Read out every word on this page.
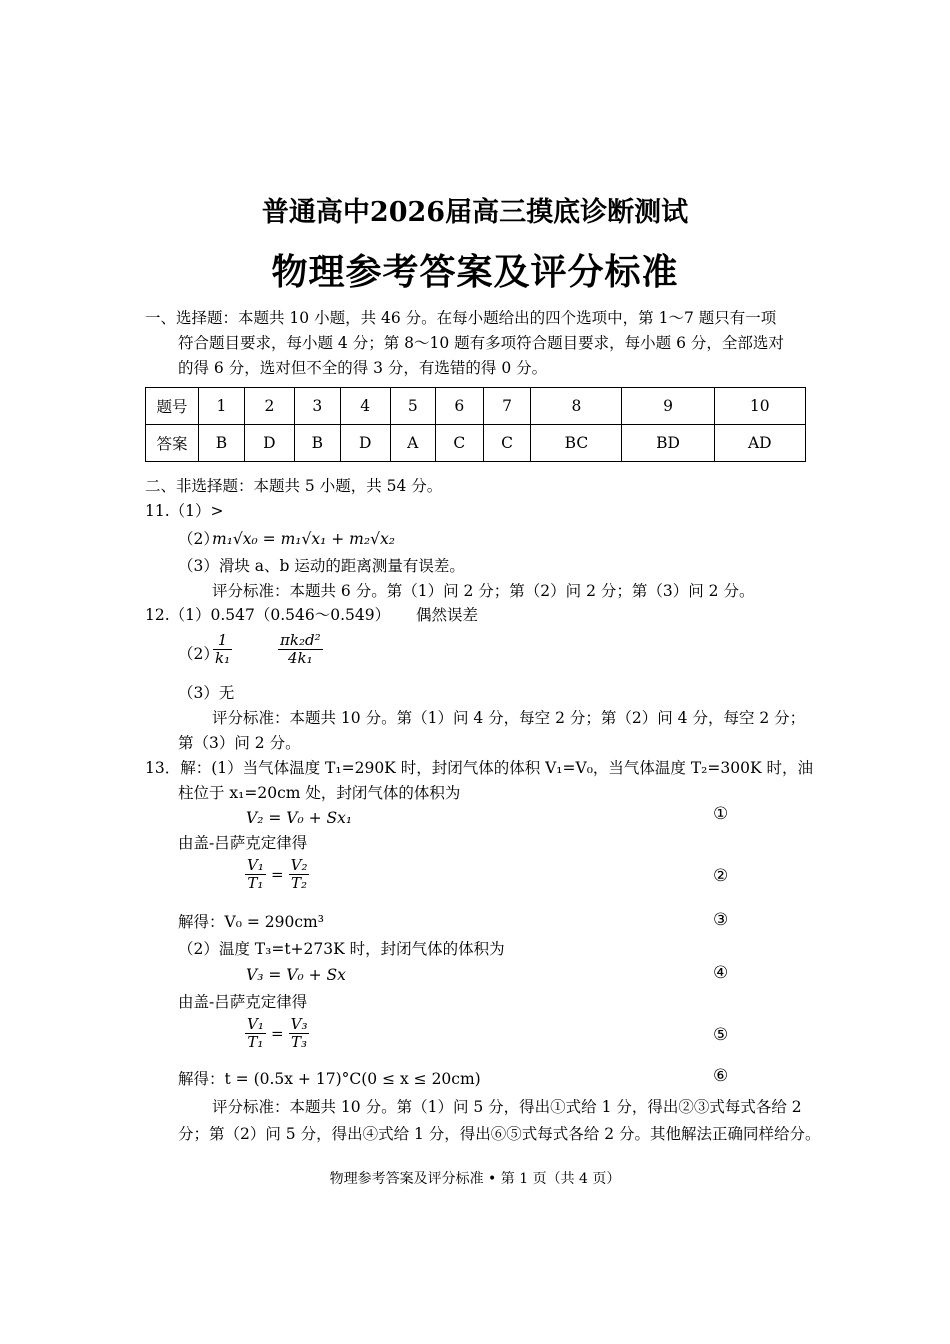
普通高中2026届高三摸底诊断测试
物理参考答案及评分标准
一、选择题：本题共 10 小题，共 46 分。在每小题给出的四个选项中，第 1～7 题只有一项
符合题目要求，每小题 4 分；第 8～10 题有多项符合题目要求，每小题 6 分，全部选对
的得 6 分，选对但不全的得 3 分，有选错的得 0 分。
题号	1	2	3	4	5	6	7	8	9	10
答案	B	D	B	D	A	C	C	BC	BD	AD
二、非选择题：本题共 5 小题，共 54 分。
11.（1）>
（2）
m₁√x₀ = m₁√x₁ + m₂√x₂
（3）滑块 a、b 运动的距离测量有误差。
评分标准：本题共 6 分。第（1）问 2 分；第（2）问 2 分；第（3）问 2 分。
12.（1）0.547（0.546～0.549） 偶然误差
（2）
$\frac{1}{\text{k₁}}$	$\frac{\text{πk₂d²}}{\text{4k₁}}$
（3）无
评分标准：本题共 10 分。第（1）问 4 分，每空 2 分；第（2）问 4 分，每空 2 分；
第（3）问 2 分。
13．解：(1）当气体温度 T₁=290K 时，封闭气体的体积 V₁=V₀，当气体温度 T₂=300K 时，油
柱位于 x₁=20cm 处，封闭气体的体积为
V₂ = V₀ + Sx₁	①
由盖-吕萨克定律得
$\frac{\text{V₁}}{\text{T₁}} = \frac{\text{V₂}}{\text{T₂}}$	②
解得：V₀ = 290cm³	③
（2）温度 T₃=t+273K 时，封闭气体的体积为
V₃ = V₀ + Sx	④
由盖-吕萨克定律得
$\frac{\text{V₁}}{\text{T₁}} = \frac{\text{V₃}}{\text{T₃}}$	⑤
解得：t = (0.5x + 17)°C(0 ≤ x ≤ 20cm)	⑥
评分标准：本题共 10 分。第（1）问 5 分，得出①式给 1 分，得出②③式每式各给 2
分；第（2）问 5 分，得出④式给 1 分，得出⑥⑤式每式各给 2 分。其他解法正确同样给分。
物理参考答案及评分标准 • 第 1 页（共 4 页）
